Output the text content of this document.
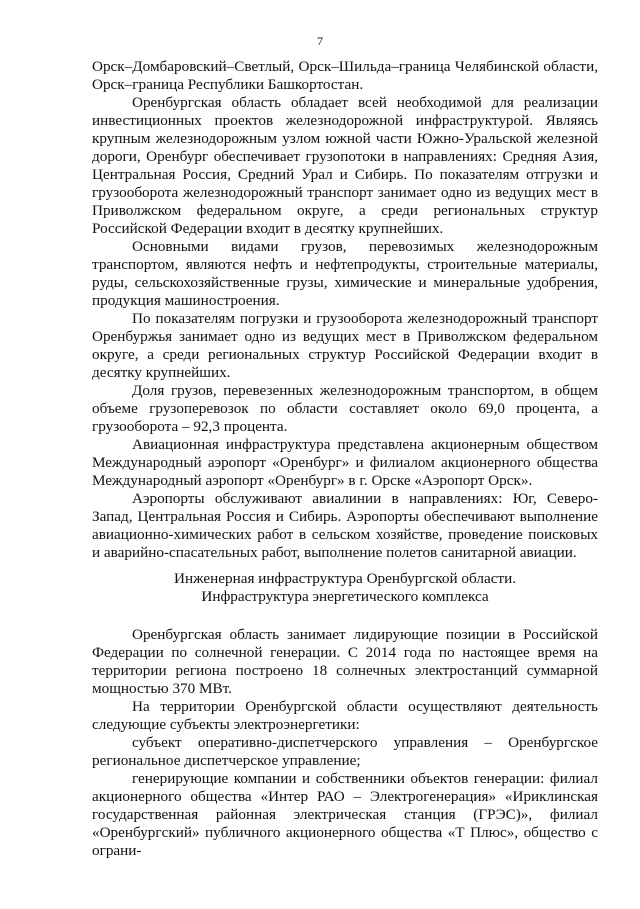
7

Орск–Домбаровский–Светлый, Орск–Шильда–граница Челябинской области, Орск–граница Республики Башкортостан.

Оренбургская область обладает всей необходимой для реализации инвестиционных проектов железнодорожной инфраструктурой. Являясь крупным железнодорожным узлом южной части Южно-Уральской железной дороги, Оренбург обеспечивает грузопотоки в направлениях: Средняя Азия, Центральная Россия, Средний Урал и Сибирь. По показателям отгрузки и грузооборота железнодорожный транспорт занимает одно из ведущих мест в Приволжском федеральном округе, а среди региональных структур Российской Федерации входит в десятку крупнейших.

Основными видами грузов, перевозимых железнодорожным транспортом, являются нефть и нефтепродукты, строительные материалы, руды, сельскохозяйственные грузы, химические и минеральные удобрения, продукция машиностроения.

По показателям погрузки и грузооборота железнодорожный транспорт Оренбуржья занимает одно из ведущих мест в Приволжском федеральном округе, а среди региональных структур Российской Федерации входит в десятку крупнейших.

Доля грузов, перевезенных железнодорожным транспортом, в общем объеме грузоперевозок по области составляет около 69,0 процента, а грузооборота – 92,3 процента.

Авиационная инфраструктура представлена акционерным обществом Международный аэропорт «Оренбург» и филиалом акционерного общества Международный аэропорт «Оренбург» в г. Орске «Аэропорт Орск».

Аэропорты обслуживают авиалинии в направлениях: Юг, Северо-Запад, Центральная Россия и Сибирь. Аэропорты обеспечивают выполнение авиационно-химических работ в сельском хозяйстве, проведение поисковых и аварийно-спасательных работ, выполнение полетов санитарной авиации.

Инженерная инфраструктура Оренбургской области.
Инфраструктура энергетического комплекса

Оренбургская область занимает лидирующие позиции в Российской Федерации по солнечной генерации. С 2014 года по настоящее время на территории региона построено 18 солнечных электростанций суммарной мощностью 370 МВт.

На территории Оренбургской области осуществляют деятельность следующие субъекты электроэнергетики:

субъект оперативно-диспетчерского управления – Оренбургское региональное диспетчерское управление;

генерирующие компании и собственники объектов генерации: филиал акционерного общества «Интер РАО – Электрогенерация» «Ириклинская государственная районная электрическая станция (ГРЭС)», филиал «Оренбургский» публичного акционерного общества «Т Плюс», общество с ограни-
